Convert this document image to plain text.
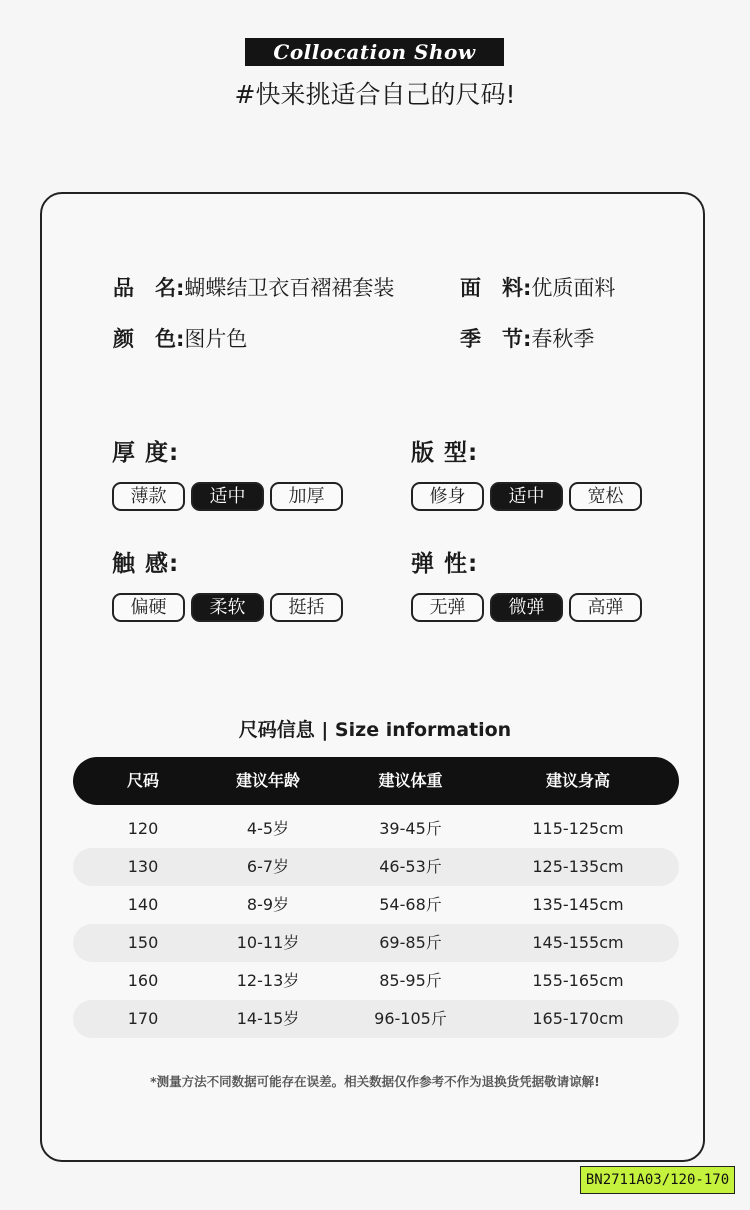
Collocation Show
#快来挑适合自己的尺码!
品　名:蝴蝶结卫衣百褶裙套装	面　料:优质面料
颜　色:图片色	季　节:春秋季
厚 度:
薄款	适中	加厚
版 型:
修身	适中	宽松
触 感:
偏硬	柔软	挺括
弹 性:
无弹	微弹	高弹
尺码信息 | Size information
尺码	建议年龄	建议体重	建议身高
120	4-5岁	39-45斤	115-125cm
130	6-7岁	46-53斤	125-135cm
140	8-9岁	54-68斤	135-145cm
150	10-11岁	69-85斤	145-155cm
160	12-13岁	85-95斤	155-165cm
170	14-15岁	96-105斤	165-170cm
*测量方法不同数据可能存在误差。相关数据仅作参考不作为退换货凭据敬请谅解!
BN2711A03/120-170
